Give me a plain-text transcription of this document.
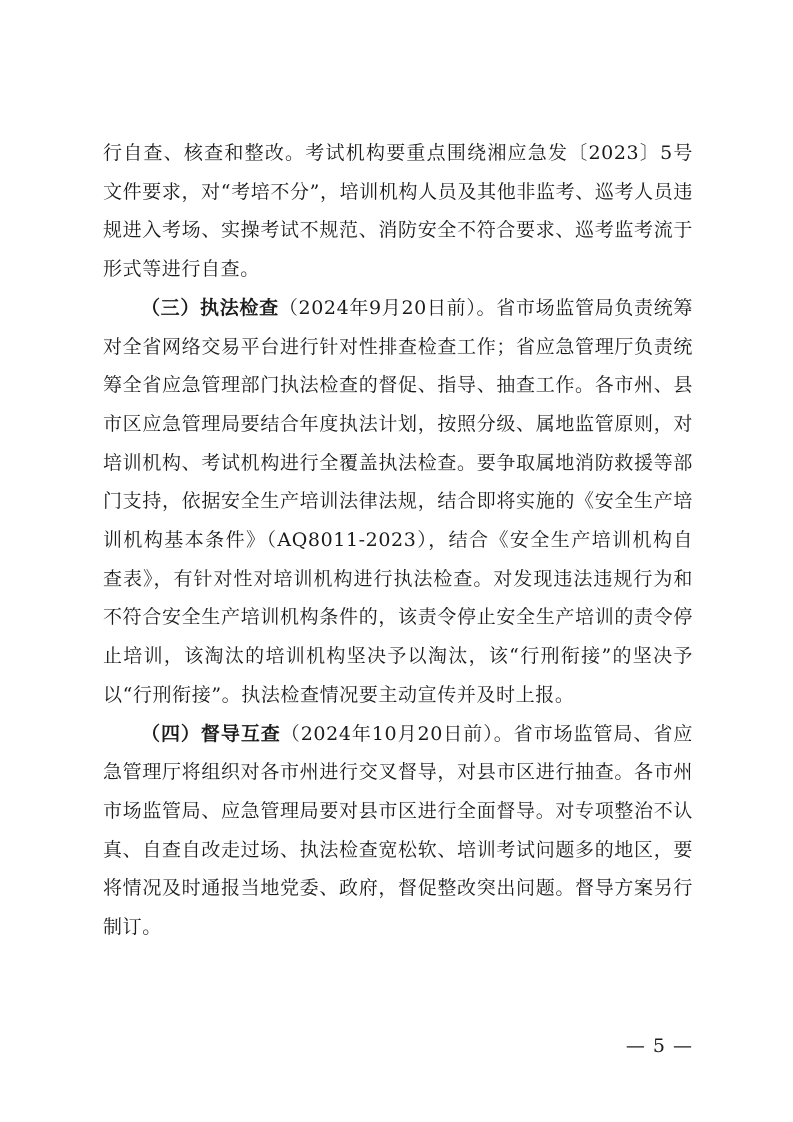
行自查、核查和整改。考试机构要重点围绕湘应急发〔2023〕5号文件要求，对“考培不分”，培训机构人员及其他非监考、巡考人员违规进入考场、实操考试不规范、消防安全不符合要求、巡考监考流于形式等进行自查。

（三）执法检查（2024年9月20日前）。省市场监管局负责统筹对全省网络交易平台进行针对性排查检查工作；省应急管理厅负责统筹全省应急管理部门执法检查的督促、指导、抽查工作。各市州、县市区应急管理局要结合年度执法计划，按照分级、属地监管原则，对培训机构、考试机构进行全覆盖执法检查。要争取属地消防救援等部门支持，依据安全生产培训法律法规，结合即将实施的《安全生产培训机构基本条件》（AQ8011-2023），结合《安全生产培训机构自查表》，有针对性对培训机构进行执法检查。对发现违法违规行为和不符合安全生产培训机构条件的，该责令停止安全生产培训的责令停止培训，该淘汰的培训机构坚决予以淘汰，该“行刑衔接”的坚决予以“行刑衔接”。执法检查情况要主动宣传并及时上报。

（四）督导互查（2024年10月20日前）。省市场监管局、省应急管理厅将组织对各市州进行交叉督导，对县市区进行抽查。各市州市场监管局、应急管理局要对县市区进行全面督导。对专项整治不认真、自查自改走过场、执法检查宽松软、培训考试问题多的地区，要将情况及时通报当地党委、政府，督促整改突出问题。督导方案另行制订。

— 5 —
